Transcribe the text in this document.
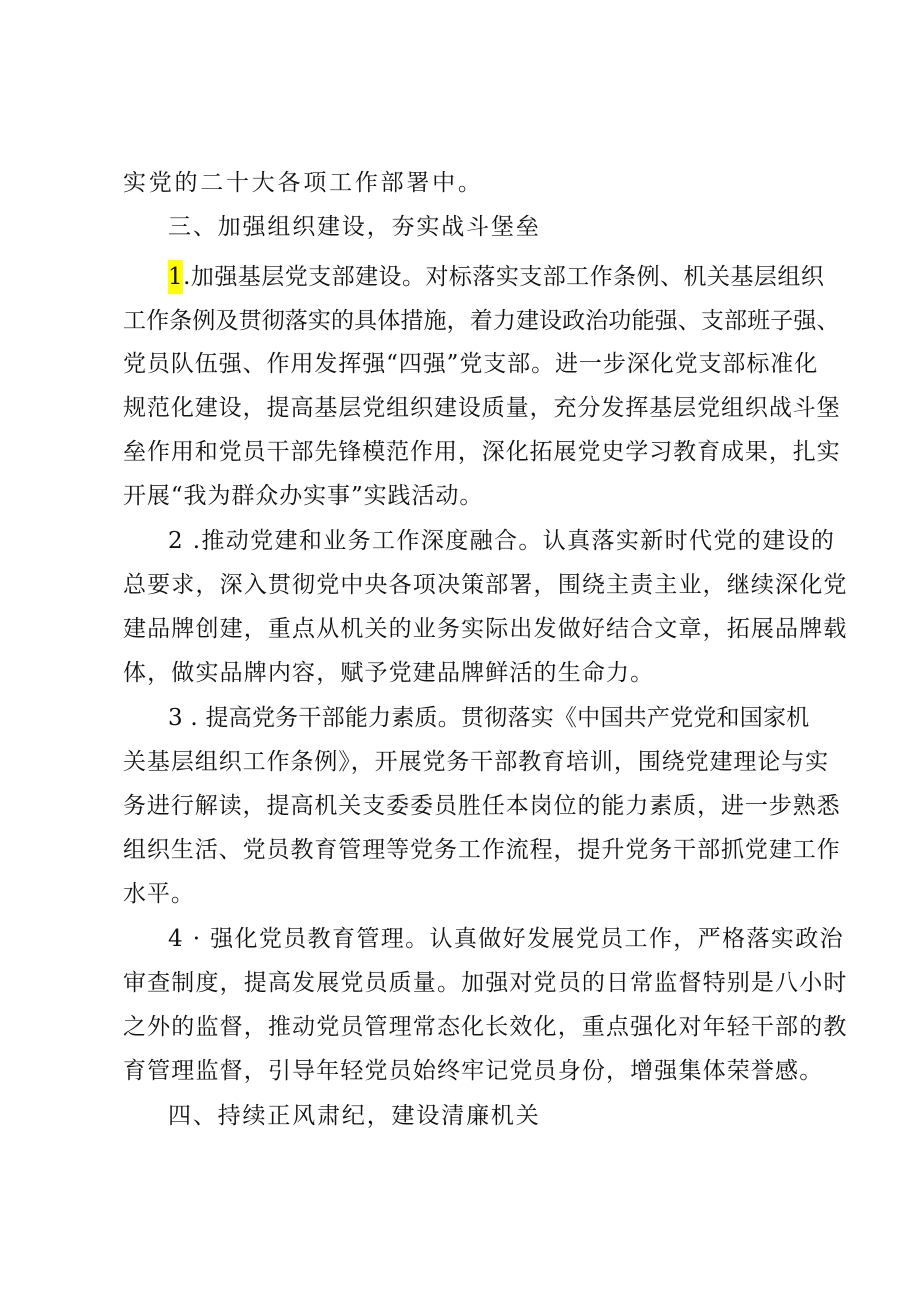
实党的二十大各项工作部署中。
三、加强组织建设，夯实战斗堡垒
1.加强基层党支部建设。对标落实支部工作条例、机关基层组织
工作条例及贯彻落实的具体措施，着力建设政治功能强、支部班子强、
党员队伍强、作用发挥强“四强”党支部。进一步深化党支部标准化
规范化建设，提高基层党组织建设质量，充分发挥基层党组织战斗堡
垒作用和党员干部先锋模范作用，深化拓展党史学习教育成果，扎实
开展“我为群众办实事”实践活动。
2 .推动党建和业务工作深度融合。认真落实新时代党的建设的
总要求，深入贯彻党中央各项决策部署，围绕主责主业，继续深化党
建品牌创建，重点从机关的业务实际出发做好结合文章，拓展品牌载
体，做实品牌内容，赋予党建品牌鲜活的生命力。
3 . 提高党务干部能力素质。贯彻落实《中国共产党党和国家机
关基层组织工作条例》，开展党务干部教育培训，围绕党建理论与实
务进行解读，提高机关支委委员胜任本岗位的能力素质，进一步熟悉
组织生活、党员教育管理等党务工作流程，提升党务干部抓党建工作
水平。
4 · 强化党员教育管理。认真做好发展党员工作，严格落实政治
审查制度，提高发展党员质量。加强对党员的日常监督特别是八小时
之外的监督，推动党员管理常态化长效化，重点强化对年轻干部的教
育管理监督，引导年轻党员始终牢记党员身份，增强集体荣誉感。
四、持续正风肃纪，建设清廉机关
